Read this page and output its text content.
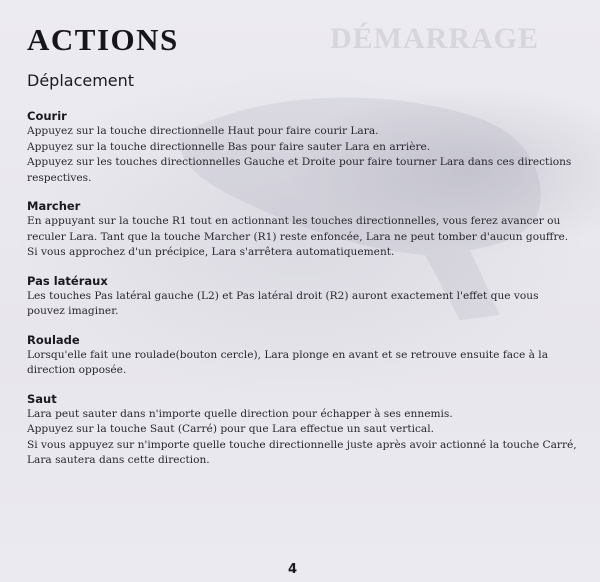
DÉMARRAGE
ACTIONS
Déplacement
Courir

Appuyez sur la touche directionnelle Haut pour faire courir Lara.

Appuyez sur la touche directionnelle Bas pour faire sauter Lara en arrière.

Appuyez sur les touches directionnelles Gauche et Droite pour faire tourner Lara dans ces directions respectives.

Marcher

En appuyant sur la touche R1 tout en actionnant les touches directionnelles, vous ferez avancer ou reculer Lara. Tant que la touche Marcher (R1) reste enfoncée, Lara ne peut tomber d'aucun gouffre. Si vous approchez d'un précipice, Lara s'arrêtera automatiquement.

Pas latéraux

Les touches Pas latéral gauche (L2) et Pas latéral droit (R2) auront exactement l'effet que vous pouvez imaginer.

Roulade

Lorsqu'elle fait une roulade(bouton cercle), Lara plonge en avant et se retrouve ensuite face à la direction opposée.

Saut

Lara peut sauter dans n'importe quelle direction pour échapper à ses ennemis.

Appuyez sur la touche Saut (Carré) pour que Lara effectue un saut vertical.

Si vous appuyez sur n'importe quelle touche directionnelle juste après avoir actionné la touche Carré, Lara sautera dans cette direction.

4
